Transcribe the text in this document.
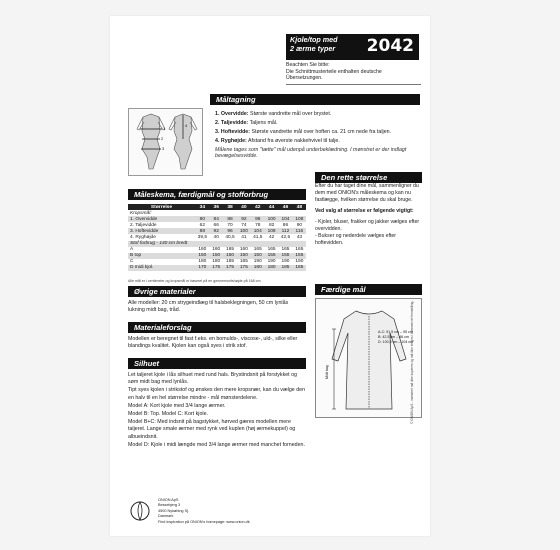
Kjole/top med
2 ærme typer 2042
Beachten Sie bitte:
Die Schnittmusterteile enthalten deutsche
Übersetzungen.
Måltagning
1
2
3
4

1. Overvidde: Største vandrette mål over brystet.

2. Taljevidde: Taljens mål.

3. Hoftevidde: Største vandrette mål over hoften ca. 21 cm nede fra taljen.

4. Ryghøjde: Afstand fra øverste nakkehvivel til talje.

Målene tages som "tætte" mål udenpå underbeklædning. I mønstret er der indlagt bevægelsesvidde.

Måleskema, færdigmål og stofforbrug
Størrelse	34	36	38	40	42	44	46	48
Kropsmål:								
1. Overvidde	80	84	88	92	96	100	104	108
2. Taljevidde	62	66	70	74	78	82	86	90
3. Hoftevidde	88	92	96	100	104	108	112	116
4. Ryghøjde	39,5	40	40,5	41	41,5	42	42,5	43
Stof forbrug - 140 cm bredt								
A	160	160	165	160	165	165	165	165
B top	150	150	150	150	150	155	155	155
C	180	180	185	185	190	190	190	190
D midi kjol.	170	175	175	175	180	180	185	185
Alle mål er i centimeter og kropsmål er baseret på en gennemsnitshøjde på 168 cm.
Øvrige materialer
Alle modeller: 20 cm strygeindlæg til halsbeklegningen, 50 cm lynlås lukning midt bag, tråd.
Materialeforslag
Modellen er beregnet til fast f.eks. en bomulds-, viscose-, uld-, silke eller blandings kvalitet. Kjolen kan også syes i strik stof.
Silhuet

Let taljeret kjole i lås silhuet med rund hals. Brystindsnit på forstykket og søm midt bag med lynlås.

Tipt syes kjolen i strikstof og ønskes den mere kropsnær, kan du vælge den en halv til en hel størrelse mindre - mål mønsterdelene.

Model A: Kort kjole med 3/4 lange ærmer.

Model B: Top. Model C: Kort kjole.

Model B+C: Med indsnit på bagstykket, hørved gæres modellen mere taljeret. Lange smale ærmer med rynk ved kuplen (høj ærmekuppel) og albueindsnit.

Model D: Kjole i midi længde med 3/4 lange ærmer med manchet forneden.

Den rette størrelse

Efter du har taget dine mål, sammenligner du dem med ONION's måleskema og kan nu fastlægge, hvilken størrelse du skal bruge.

Ved valg af størrelse er følgende vigtigt:

- Kjoler, bluser, frakker og jakker vælges efter overvidden.
- Bukser og nederdele vælges efter hoftevidden.
Færdige mål
Midt bag
A-C: 91,5 cm – 95 cm
B: 42,5 cm – 46 cm
D: 100,5 cm – 104 cm
ONION ApS
Bessebjerg 3
4500 Nykøbing Sj.
Danmark
Find inspiration på ONION's homepage: www.onion.dk
© ONION ApS - mønstret må ikke kopieres og må ikke bruges i kommerciel fremstilling.
